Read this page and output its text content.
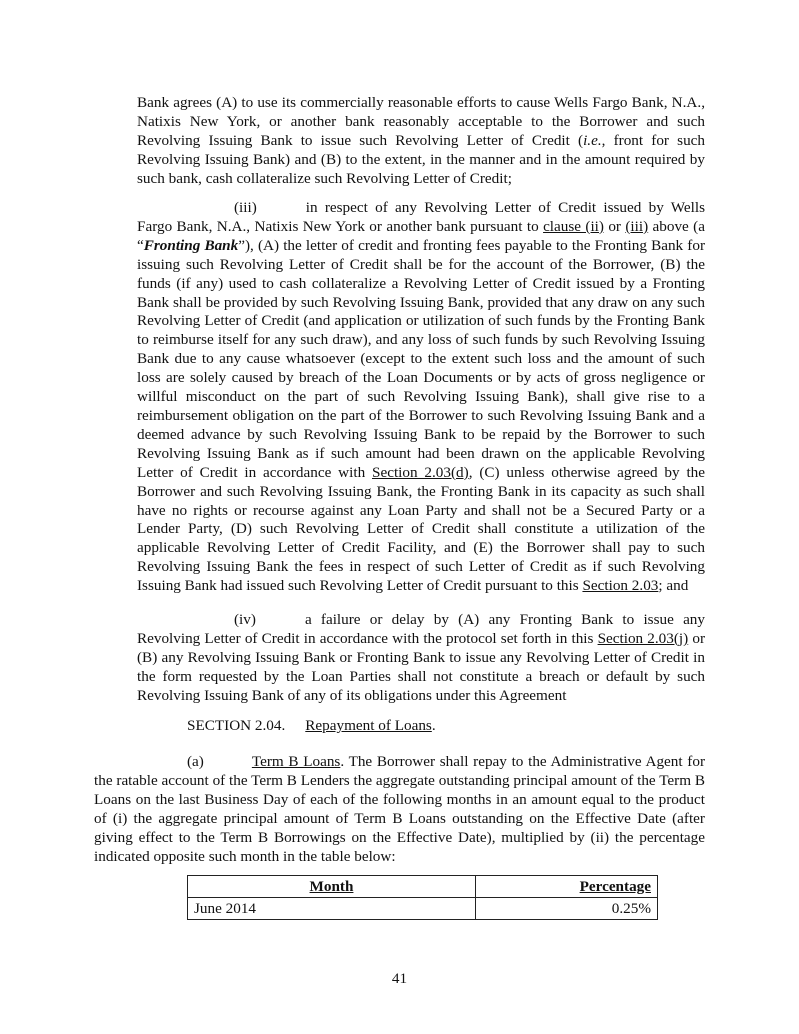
Bank agrees (A) to use its commercially reasonable efforts to cause Wells Fargo Bank, N.A., Natixis New York, or another bank reasonably acceptable to the Borrower and such Revolving Issuing Bank to issue such Revolving Letter of Credit (i.e., front for such Revolving Issuing Bank) and (B) to the extent, in the manner and in the amount required by such bank, cash collateralize such Revolving Letter of Credit;

(iii)	in respect of any Revolving Letter of Credit issued by Wells Fargo Bank, N.A., Natixis New York or another bank pursuant to clause (ii) or (iii) above (a “Fronting Bank”), (A) the letter of credit and fronting fees payable to the Fronting Bank for issuing such Revolving Letter of Credit shall be for the account of the Borrower, (B) the funds (if any) used to cash collateralize a Revolving Letter of Credit issued by a Fronting Bank shall be provided by such Revolving Issuing Bank, provided that any draw on any such Revolving Letter of Credit (and application or utilization of such funds by the Fronting Bank to reimburse itself for any such draw), and any loss of such funds by such Revolving Issuing Bank due to any cause whatsoever (except to the extent such loss and the amount of such loss are solely caused by breach of the Loan Documents or by acts of gross negligence or willful misconduct on the part of such Revolving Issuing Bank), shall give rise to a reimbursement obligation on the part of the Borrower to such Revolving Issuing Bank and a deemed advance by such Revolving Issuing Bank to be repaid by the Borrower to such Revolving Issuing Bank as if such amount had been drawn on the applicable Revolving Letter of Credit in accordance with Section 2.03(d), (C) unless otherwise agreed by the Borrower and such Revolving Issuing Bank, the Fronting Bank in its capacity as such shall have no rights or recourse against any Loan Party and shall not be a Secured Party or a Lender Party, (D) such Revolving Letter of Credit shall constitute a utilization of the applicable Revolving Letter of Credit Facility, and (E) the Borrower shall pay to such Revolving Issuing Bank the fees in respect of such Letter of Credit as if such Revolving Issuing Bank had issued such Revolving Letter of Credit pursuant to this Section 2.03; and

(iv)	a failure or delay by (A) any Fronting Bank to issue any Revolving Letter of Credit in accordance with the protocol set forth in this Section 2.03(j) or (B) any Revolving Issuing Bank or Fronting Bank to issue any Revolving Letter of Credit in the form requested by the Loan Parties shall not constitute a breach or default by such Revolving Issuing Bank of any of its obligations under this Agreement

SECTION 2.04. Repayment of Loans.

(a)	Term B Loans. The Borrower shall repay to the Administrative Agent for the ratable account of the Term B Lenders the aggregate outstanding principal amount of the Term B Loans on the last Business Day of each of the following months in an amount equal to the product of (i) the aggregate principal amount of Term B Loans outstanding on the Effective Date (after giving effect to the Term B Borrowings on the Effective Date), multiplied by (ii) the percentage indicated opposite such month in the table below:

Month	Percentage
June 2014	0.25%
41
